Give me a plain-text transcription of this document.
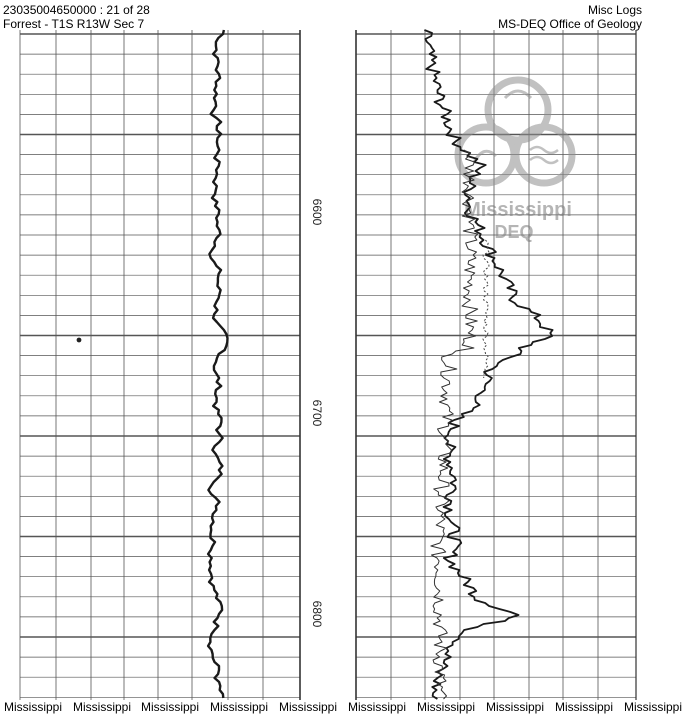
23035004650000 : 21 of 28
Forrest - T1S R13W Sec 7
Misc Logs
MS-DEQ Office of Geology
6600
6700
6800
Mississippi
DEQ
Mississippi Mississippi Mississippi Mississippi Mississippi Mississippi Mississippi Mississippi Mississippi Mississippi
